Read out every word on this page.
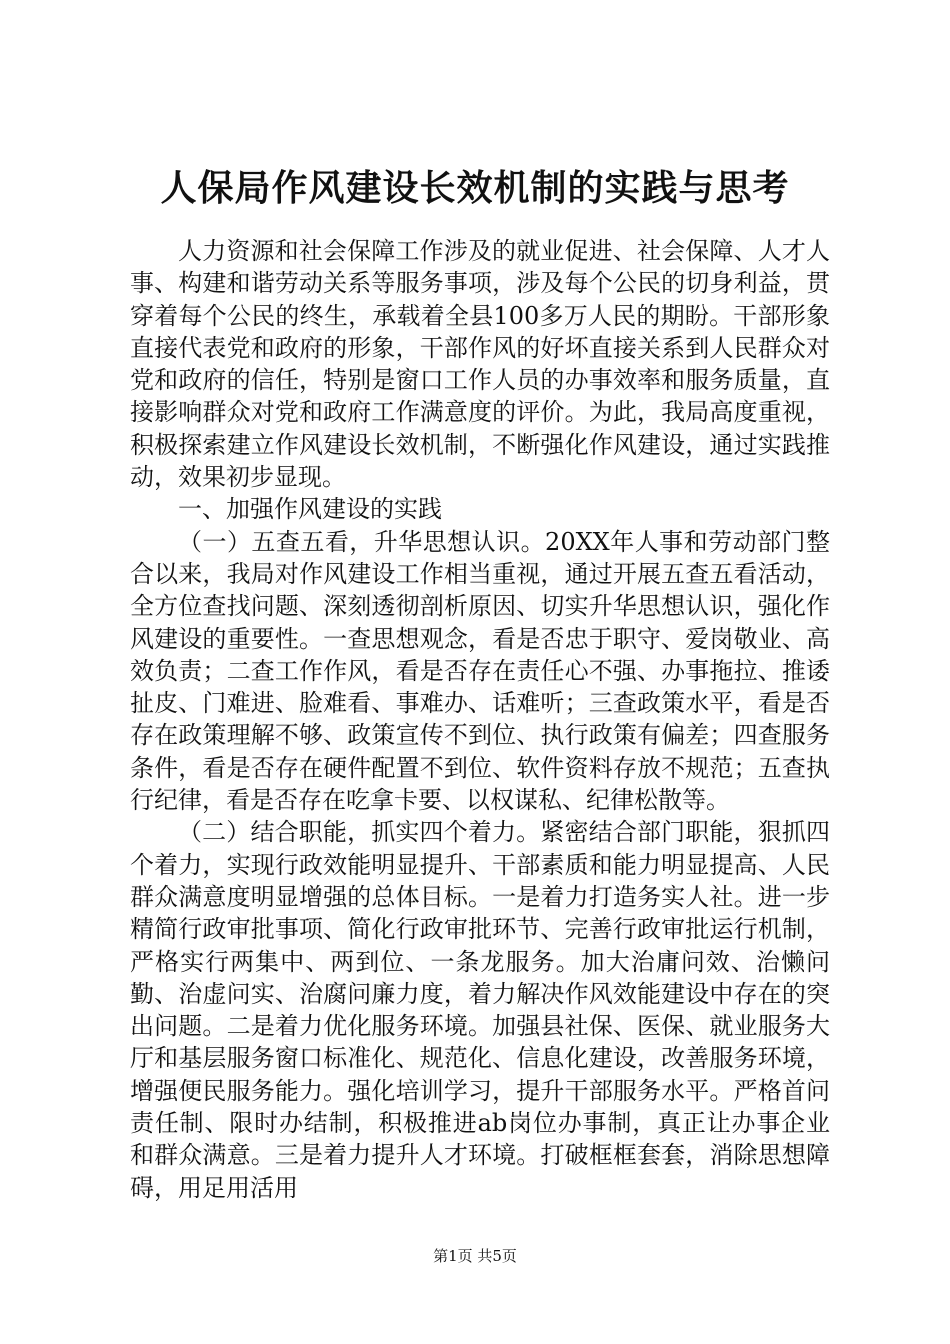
人保局作风建设长效机制的实践与思考

人力资源和社会保障工作涉及的就业促进、社会保障、人才人事、构建和谐劳动关系等服务事项，涉及每个公民的切身利益，贯穿着每个公民的终生，承载着全县100多万人民的期盼。干部形象直接代表党和政府的形象，干部作风的好坏直接关系到人民群众对党和政府的信任，特别是窗口工作人员的办事效率和服务质量，直接影响群众对党和政府工作满意度的评价。为此，我局高度重视，积极探索建立作风建设长效机制，不断强化作风建设，通过实践推动，效果初步显现。

一、加强作风建设的实践

（一）五查五看，升华思想认识。20XX年人事和劳动部门整合以来，我局对作风建设工作相当重视，通过开展五查五看活动，全方位查找问题、深刻透彻剖析原因、切实升华思想认识，强化作风建设的重要性。一查思想观念，看是否忠于职守、爱岗敬业、高效负责；二查工作作风，看是否存在责任心不强、办事拖拉、推诿扯皮、门难进、脸难看、事难办、话难听；三查政策水平，看是否存在政策理解不够、政策宣传不到位、执行政策有偏差；四查服务条件，看是否存在硬件配置不到位、软件资料存放不规范；五查执行纪律，看是否存在吃拿卡要、以权谋私、纪律松散等。

（二）结合职能，抓实四个着力。紧密结合部门职能，狠抓四个着力，实现行政效能明显提升、干部素质和能力明显提高、人民群众满意度明显增强的总体目标。一是着力打造务实人社。进一步精简行政审批事项、简化行政审批环节、完善行政审批运行机制，严格实行两集中、两到位、一条龙服务。加大治庸问效、治懒问勤、治虚问实、治腐问廉力度，着力解决作风效能建设中存在的突出问题。二是着力优化服务环境。加强县社保、医保、就业服务大厅和基层服务窗口标准化、规范化、信息化建设，改善服务环境，增强便民服务能力。强化培训学习，提升干部服务水平。严格首问责任制、限时办结制，积极推进ab岗位办事制，真正让办事企业和群众满意。三是着力提升人才环境。打破框框套套，消除思想障碍，用足用活用

第1页 共5页
